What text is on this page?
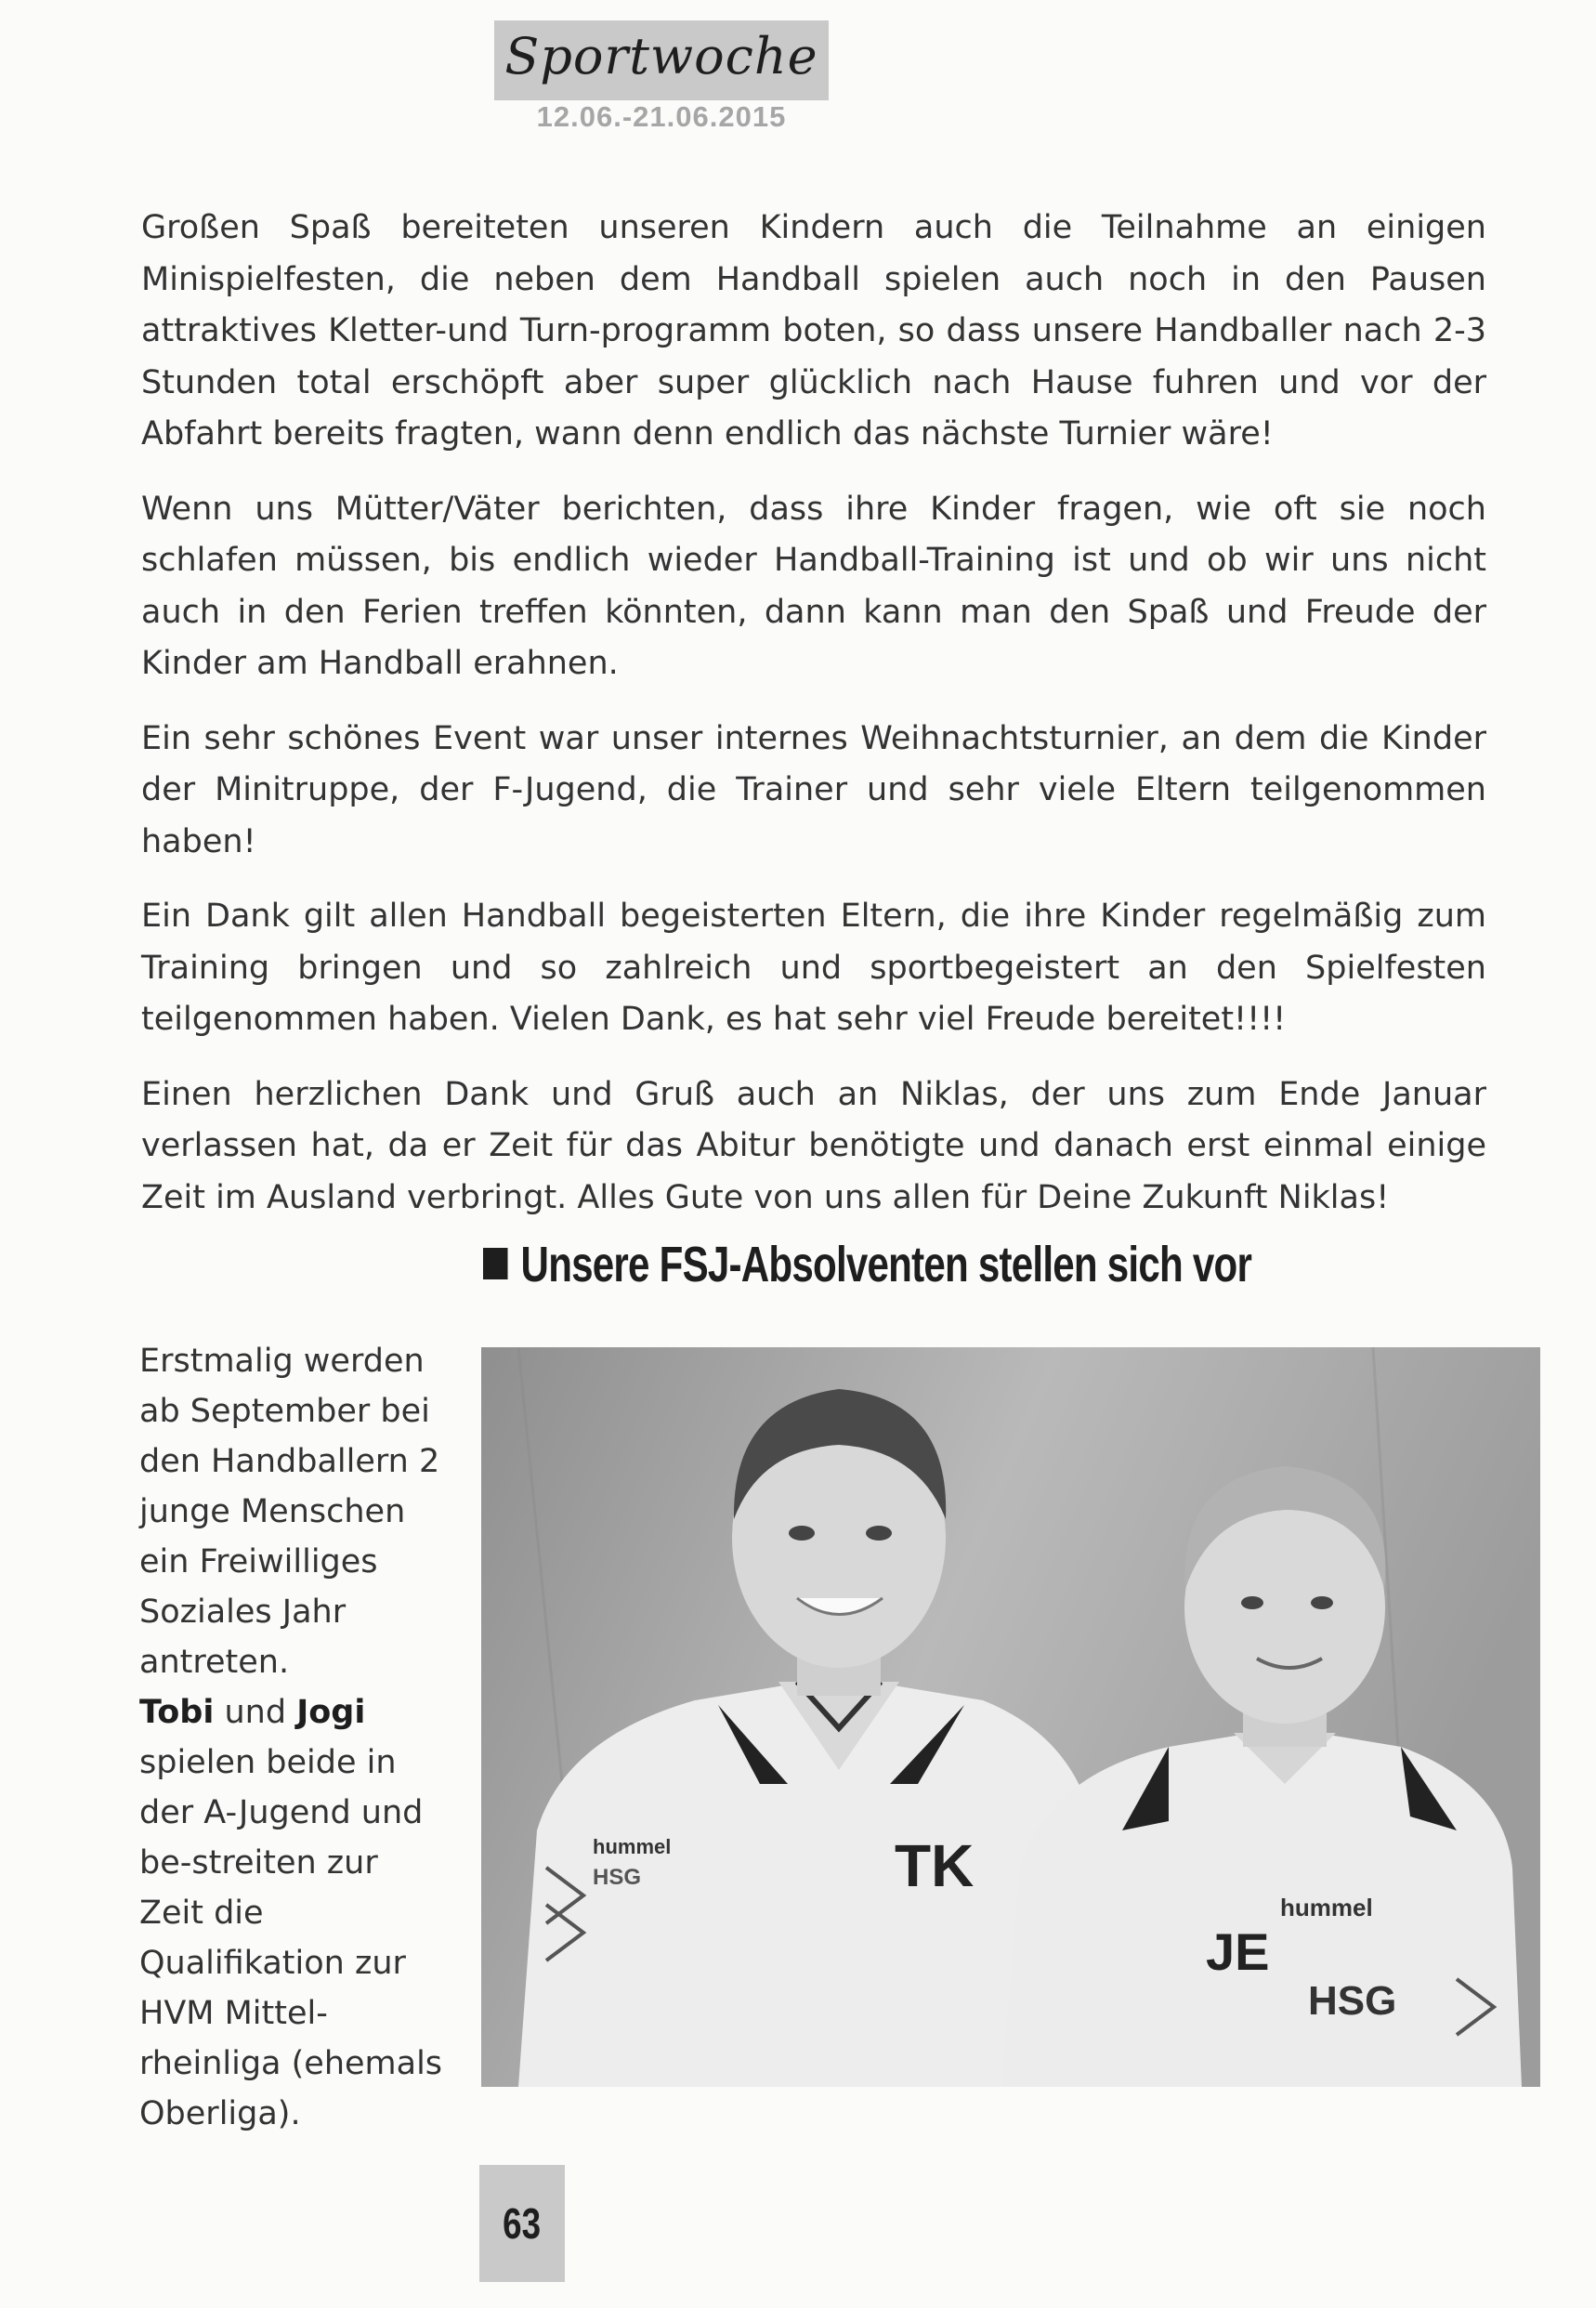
Sportwoche
12.06.-21.06.2015

Großen Spaß bereiteten unseren Kindern auch die Teilnahme an einigen Minispielfesten, die neben dem Handball spielen auch noch in den Pausen attraktives Kletter-und Turn-programm boten, so dass unsere Handballer nach 2-3 Stunden total erschöpft aber super glücklich nach Hause fuhren und vor der Abfahrt bereits fragten, wann denn endlich das nächste Turnier wäre!

Wenn uns Mütter/Väter berichten, dass ihre Kinder fragen, wie oft sie noch schlafen müssen, bis endlich wieder Handball-Training ist und ob wir uns nicht auch in den Ferien treffen könnten, dann kann man den Spaß und Freude der Kinder am Handball erahnen.

Ein sehr schönes Event war unser internes Weihnachtsturnier, an dem die Kinder der Minitruppe, der F-Jugend, die Trainer und sehr viele Eltern teilgenommen haben!

Ein Dank gilt allen Handball begeisterten Eltern, die ihre Kinder regelmäßig zum Training bringen und so zahlreich und sportbegeistert an den Spielfesten teilgenommen haben. Vielen Dank, es hat sehr viel Freude bereitet!!!!

Einen herzlichen Dank und Gruß auch an Niklas, der uns zum Ende Januar verlassen hat, da er Zeit für das Abitur benötigte und danach erst einmal einige Zeit im Ausland verbringt. Alles Gute von uns allen für Deine Zukunft Niklas!

Unsere FSJ-Absolventen stellen sich vor
Erstmalig werden ab September bei den Handballern 2 junge Menschen ein Freiwilliges Soziales Jahr antreten.
Tobi und Jogi spielen beide in der A-Jugend und be-streiten zur Zeit die Qualifikation zur HVM Mittel-rheinliga (ehemals Oberliga).
hummel
HSG	TK
hummel
JE
HSG
63
